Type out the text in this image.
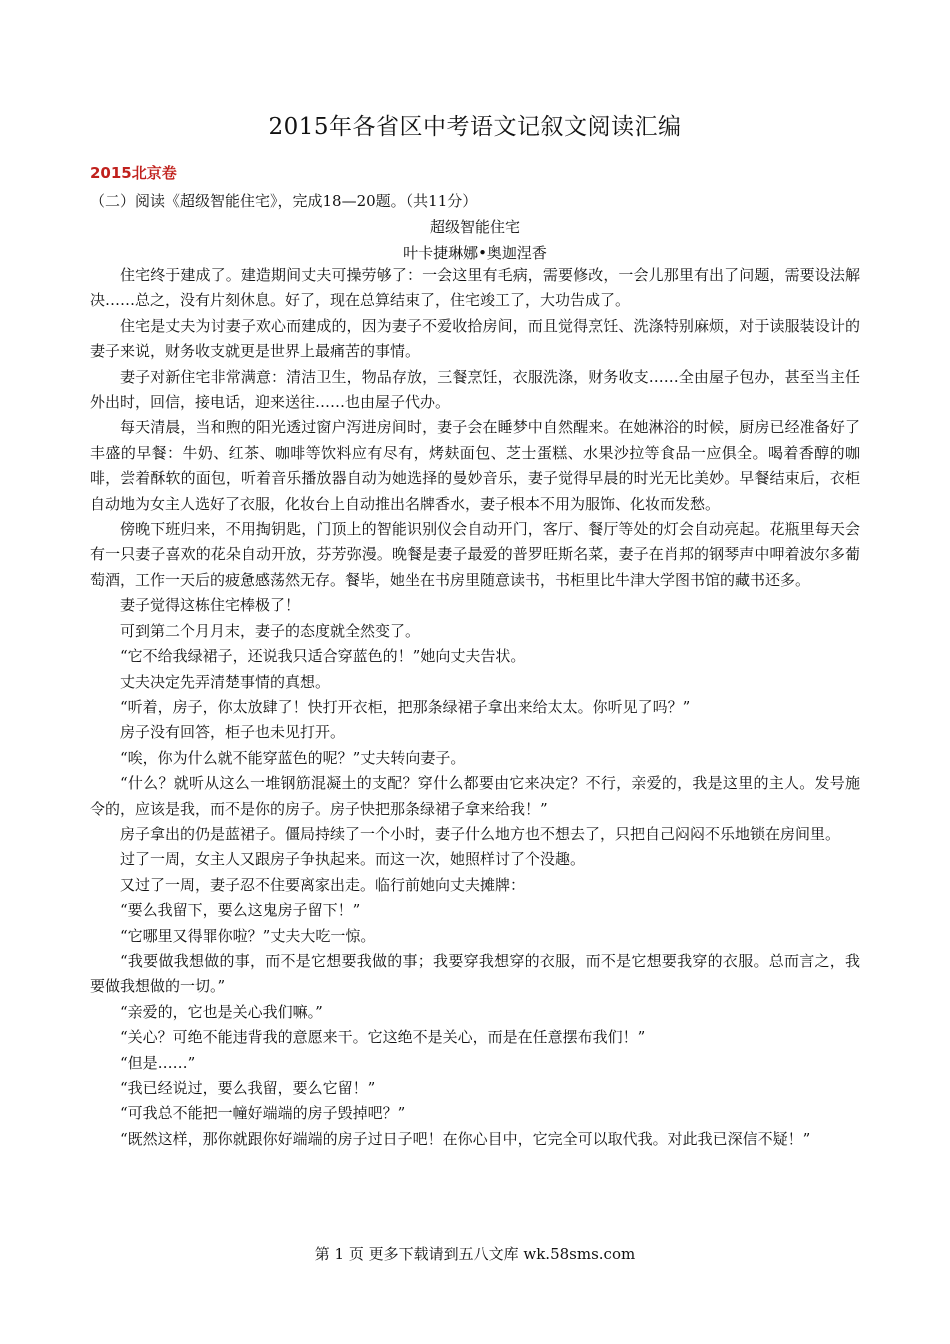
2015年各省区中考语文记叙文阅读汇编
2015北京卷
（二）阅读《超级智能住宅》，完成18—20题。（共11分）
超级智能住宅
叶卡捷琳娜•奥迦涅香

住宅终于建成了。建造期间丈夫可操劳够了：一会这里有毛病，需要修改，一会儿那里有出了问题，需要设法解决……总之，没有片刻休息。好了，现在总算结束了，住宅竣工了，大功告成了。

住宅是丈夫为讨妻子欢心而建成的，因为妻子不爱收拾房间，而且觉得烹饪、洗涤特别麻烦，对于读服装设计的妻子来说，财务收支就更是世界上最痛苦的事情。

妻子对新住宅非常满意：清洁卫生，物品存放，三餐烹饪，衣服洗涤，财务收支……全由屋子包办，甚至当主任外出时，回信，接电话，迎来送往……也由屋子代办。

每天清晨，当和煦的阳光透过窗户泻进房间时，妻子会在睡梦中自然醒来。在她淋浴的时候，厨房已经准备好了丰盛的早餐：牛奶、红茶、咖啡等饮料应有尽有，烤麸面包、芝士蛋糕、水果沙拉等食品一应俱全。喝着香醇的咖啡，尝着酥软的面包，听着音乐播放器自动为她选择的曼妙音乐，妻子觉得早晨的时光无比美妙。早餐结束后，衣柜自动地为女主人选好了衣服，化妆台上自动推出名牌香水，妻子根本不用为服饰、化妆而发愁。

傍晚下班归来，不用掏钥匙，门顶上的智能识别仪会自动开门，客厅、餐厅等处的灯会自动亮起。花瓶里每天会有一只妻子喜欢的花朵自动开放，芬芳弥漫。晚餐是妻子最爱的普罗旺斯名菜，妻子在肖邦的钢琴声中呷着波尔多葡萄酒，工作一天后的疲惫感荡然无存。餐毕，她坐在书房里随意读书，书柜里比牛津大学图书馆的藏书还多。

妻子觉得这栋住宅棒极了！

可到第二个月月末，妻子的态度就全然变了。

“它不给我绿裙子，还说我只适合穿蓝色的！”她向丈夫告状。

丈夫决定先弄清楚事情的真想。

“听着，房子，你太放肆了！快打开衣柜，把那条绿裙子拿出来给太太。你听见了吗？”

房子没有回答，柜子也未见打开。

“唉，你为什么就不能穿蓝色的呢？”丈夫转向妻子。

“什么？就听从这么一堆钢筋混凝土的支配？穿什么都要由它来决定？不行，亲爱的，我是这里的主人。发号施令的，应该是我，而不是你的房子。房子快把那条绿裙子拿来给我！”

房子拿出的仍是蓝裙子。僵局持续了一个小时，妻子什么地方也不想去了，只把自己闷闷不乐地锁在房间里。

过了一周，女主人又跟房子争执起来。而这一次，她照样讨了个没趣。

又过了一周，妻子忍不住要离家出走。临行前她向丈夫摊牌：

“要么我留下，要么这鬼房子留下！”

“它哪里又得罪你啦？”丈夫大吃一惊。

“我要做我想做的事，而不是它想要我做的事；我要穿我想穿的衣服，而不是它想要我穿的衣服。总而言之，我要做我想做的一切。”

“亲爱的，它也是关心我们嘛。”

“关心？可绝不能违背我的意愿来干。它这绝不是关心，而是在任意摆布我们！”

“但是……”

“我已经说过，要么我留，要么它留！”

“可我总不能把一幢好端端的房子毁掉吧？”

“既然这样，那你就跟你好端端的房子过日子吧！在你心目中，它完全可以取代我。对此我已深信不疑！”

第 1 页 更多下载请到五八文库 wk.58sms.com
